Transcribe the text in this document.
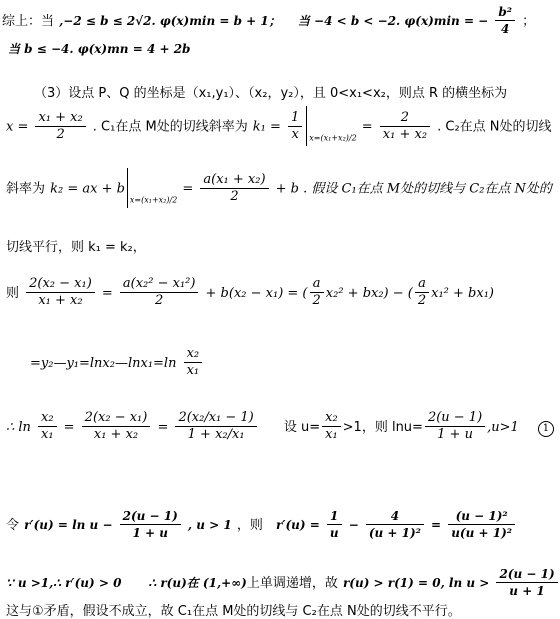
综上：当 ,−2 ≤ b ≤ 2√2. φ(x)min = b + 1； 当 −4 < b < −2. φ(x)min = − $\frac{\text{b²}}{4}$ ；
当 b ≤ −4. φ(x)mn = 4 + 2b
（3）设点 P、Q 的坐标是（x₁,y₁）、（x₂，y₂），且 0<x₁<x₂，则点 R 的横坐标为
$x = \frac{\text{x₁ + x₂}}{2}$ . C₁在点 M处的切线斜率为 $k_1 = \frac{1}{x} _{x=(x_1+x_2)/2} = \frac{2}{\text{x₁ + x₂}}$ . C₂在点 N处的切线
斜率为 k₂ = ax + $b_{x=(x_1+x_2)/2} = \frac{\text{a(x₁ + x₂)}}{2} + b$ . 假设 C₁在点 M处的切线与 C₂在点 N处的
切线平行，则 k₁ = k₂，
则 $\frac{\text{2(x₂ − x₁)}}{\text{x₁ + x₂}} = \frac{\text{a(x₂² − x₁²)}}{2} + b(x_2 - x_1)$ = ( $\frac{a}{2} x_2^2 + bx_2$) − ( $\frac{a}{2} x_1^2 + bx_1$)
=y₂—y₁=lnx₂—lnx₁=ln $\frac{\text{x₂}}{\text{x₁}}$
∴ $\ln \frac{\text{x₂}}{\text{x₁}} = \frac{\text{2(x₂ − x₁)}}{\text{x₁ + x₂}} = \frac{\text{2(x₂/x₁ − 1)}}{\text{1 + x₂/x₁}}$ 设 $u= \frac{\text{x₂}}{\text{x₁}} >1$，则 $\ln u= \frac{2(u - 1)}{1 + u} ,u>1$ 1
令 $r'(u) = \ln u - \frac{2(u - 1)}{1 + u}$ , u > 1 ，则 $r'(u) = \frac{1}{u} - \frac{4}{\text{(u + 1)²}} = \frac{\text{(u − 1)²}}{\text{u(u + 1)²}}$
∵ u >1,∴ r′(u) > 0 ∴ r(u)在 (1,+∞)上单调递增，故 r(u) > r(1) = 0, $\ln u > \frac{2(u - 1)}{u + 1}$
这与①矛盾，假设不成立，故 C₁在点 M处的切线与 C₂在点 N处的切线不平行。
